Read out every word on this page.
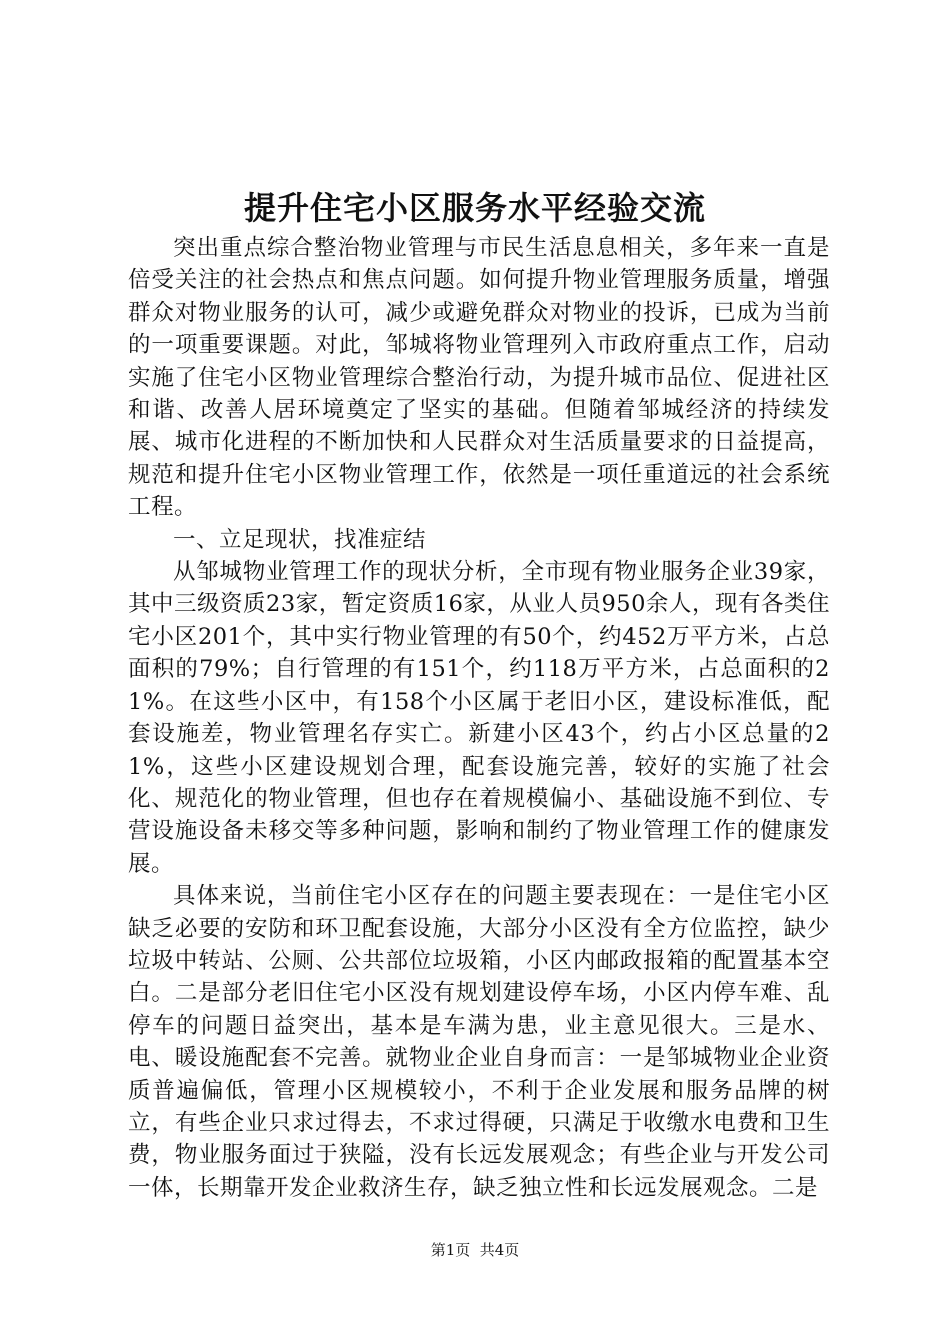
提升住宅小区服务水平经验交流

突出重点综合整治物业管理与市民生活息息相关，多年来一直是倍受关注的社会热点和焦点问题。如何提升物业管理服务质量，增强群众对物业服务的认可，减少或避免群众对物业的投诉，已成为当前的一项重要课题。对此，邹城将物业管理列入市政府重点工作，启动实施了住宅小区物业管理综合整治行动，为提升城市品位、促进社区和谐、改善人居环境奠定了坚实的基础。但随着邹城经济的持续发展、城市化进程的不断加快和人民群众对生活质量要求的日益提高，规范和提升住宅小区物业管理工作，依然是一项任重道远的社会系统工程。

一、立足现状，找准症结

从邹城物业管理工作的现状分析，全市现有物业服务企业39家，其中三级资质23家，暂定资质16家，从业人员950余人，现有各类住宅小区201个，其中实行物业管理的有50个，约452万平方米，占总面积的79%；自行管理的有151个，约118万平方米，占总面积的21%。在这些小区中，有158个小区属于老旧小区，建设标准低，配套设施差，物业管理名存实亡。新建小区43个，约占小区总量的21%，这些小区建设规划合理，配套设施完善，较好的实施了社会化、规范化的物业管理，但也存在着规模偏小、基础设施不到位、专营设施设备未移交等多种问题，影响和制约了物业管理工作的健康发展。

具体来说，当前住宅小区存在的问题主要表现在：一是住宅小区缺乏必要的安防和环卫配套设施，大部分小区没有全方位监控，缺少垃圾中转站、公厕、公共部位垃圾箱，小区内邮政报箱的配置基本空白。二是部分老旧住宅小区没有规划建设停车场，小区内停车难、乱停车的问题日益突出，基本是车满为患，业主意见很大。三是水、电、暖设施配套不完善。就物业企业自身而言：一是邹城物业企业资质普遍偏低，管理小区规模较小，不利于企业发展和服务品牌的树立，有些企业只求过得去，不求过得硬，只满足于收缴水电费和卫生费，物业服务面过于狭隘，没有长远发展观念；有些企业与开发公司一体，长期靠开发企业救济生存，缺乏独立性和长远发展观念。二是

第1页  共4页
